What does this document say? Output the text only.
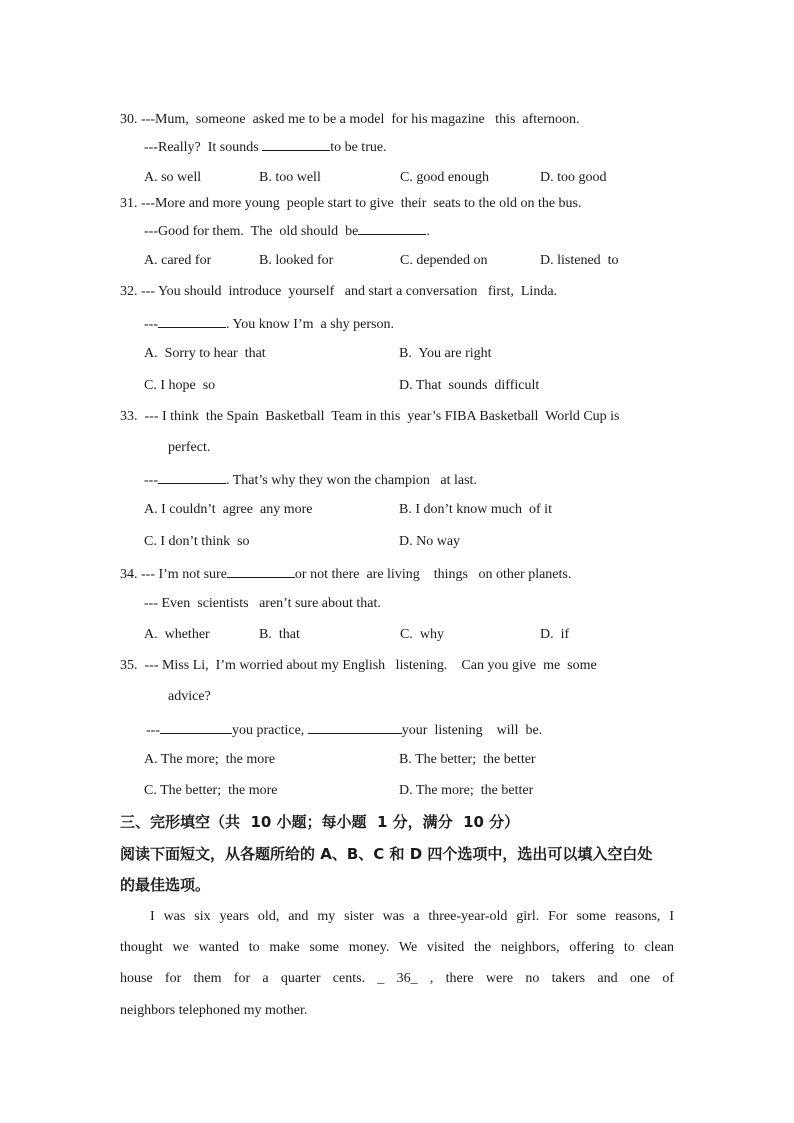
30. ---Mum,  someone  asked me to be a model  for his magazine   this  afternoon.
---Really?  It sounds	to be true.
A. so well	B. too well	C. good enough	D. too good
31. ---More and more young  people start to give  their  seats to the old on the bus.
---Good for them.  The  old should  be	.
A. cared for	B. looked for	C. depended on	D. listened  to
32. --- You should  introduce  yourself   and start a conversation   first,  Linda.
---	. You know I’m  a shy person.
A.  Sorry to hear  that	B.  You are right
C. I hope  so	D. That  sounds  difficult
33.  --- I think  the Spain  Basketball  Team in this  year’s FIBA Basketball  World Cup is
perfect.
---	. That’s why they won the champion   at last.
A. I couldn’t  agree  any more	B. I don’t know much  of it
C. I don’t think  so	D. No way
34. --- I’m not sure	or not there  are living    things   on other planets.
--- Even  scientists   aren’t sure about that.
A.  whether	B.  that	C.  why	D.  if
35.  --- Miss Li,  I’m worried about my English   listening.    Can you give  me  some
advice?
---	you practice,	your  listening    will  be.
A. The more;  the more	B. The better;  the better
C. The better;  the more	D. The more;  the better
三、完形填空（共  10 小题；每小题  1 分，满分  10 分）
阅读下面短文，从各题所给的 A、B、C 和 D 四个选项中，选出可以填入空白处
的最佳选项。
I was six years old, and my sister was a three-year-old girl. For some reasons, I
thought we wanted to make some money. We visited the neighbors, offering to clean
house for them for a quarter cents. _ 36_ , there were no takers and one of
neighbors telephoned my mother.
